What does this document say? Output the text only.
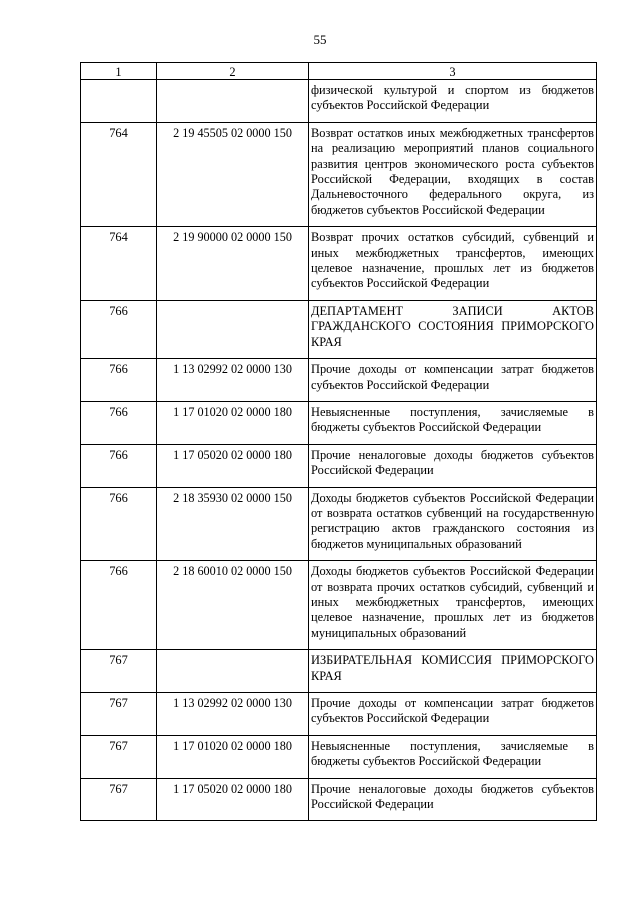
55
1	2	3
		физической культурой и спортом из бюджетов субъектов Российской Федерации
764	2 19 45505 02 0000 150	Возврат остатков иных межбюджетных трансфертов на реализацию мероприятий планов социального развития центров экономического роста субъектов Российской Федерации, входящих в состав Дальневосточного федерального округа, из бюджетов субъектов Российской Федерации
764	2 19 90000 02 0000 150	Возврат прочих остатков субсидий, субвенций и иных межбюджетных трансфертов, имеющих целевое назначение, прошлых лет из бюджетов субъектов Российской Федерации
766		ДЕПАРТАМЕНТ ЗАПИСИ АКТОВ ГРАЖДАНСКОГО СОСТОЯНИЯ ПРИМОРСКОГО КРАЯ
766	1 13 02992 02 0000 130	Прочие доходы от компенсации затрат бюджетов субъектов Российской Федерации
766	1 17 01020 02 0000 180	Невыясненные поступления, зачисляемые в бюджеты субъектов Российской Федерации
766	1 17 05020 02 0000 180	Прочие неналоговые доходы бюджетов субъектов Российской Федерации
766	2 18 35930 02 0000 150	Доходы бюджетов субъектов Российской Федерации от возврата остатков субвенций на государственную регистрацию актов гражданского состояния из бюджетов муниципальных образований
766	2 18 60010 02 0000 150	Доходы бюджетов субъектов Российской Федерации от возврата прочих остатков субсидий, субвенций и иных межбюджетных трансфертов, имеющих целевое назначение, прошлых лет из бюджетов муниципальных образований
767		ИЗБИРАТЕЛЬНАЯ КОМИССИЯ ПРИМОРСКОГО КРАЯ
767	1 13 02992 02 0000 130	Прочие доходы от компенсации затрат бюджетов субъектов Российской Федерации
767	1 17 01020 02 0000 180	Невыясненные поступления, зачисляемые в бюджеты субъектов Российской Федерации
767	1 17 05020 02 0000 180	Прочие неналоговые доходы бюджетов субъектов Российской Федерации
